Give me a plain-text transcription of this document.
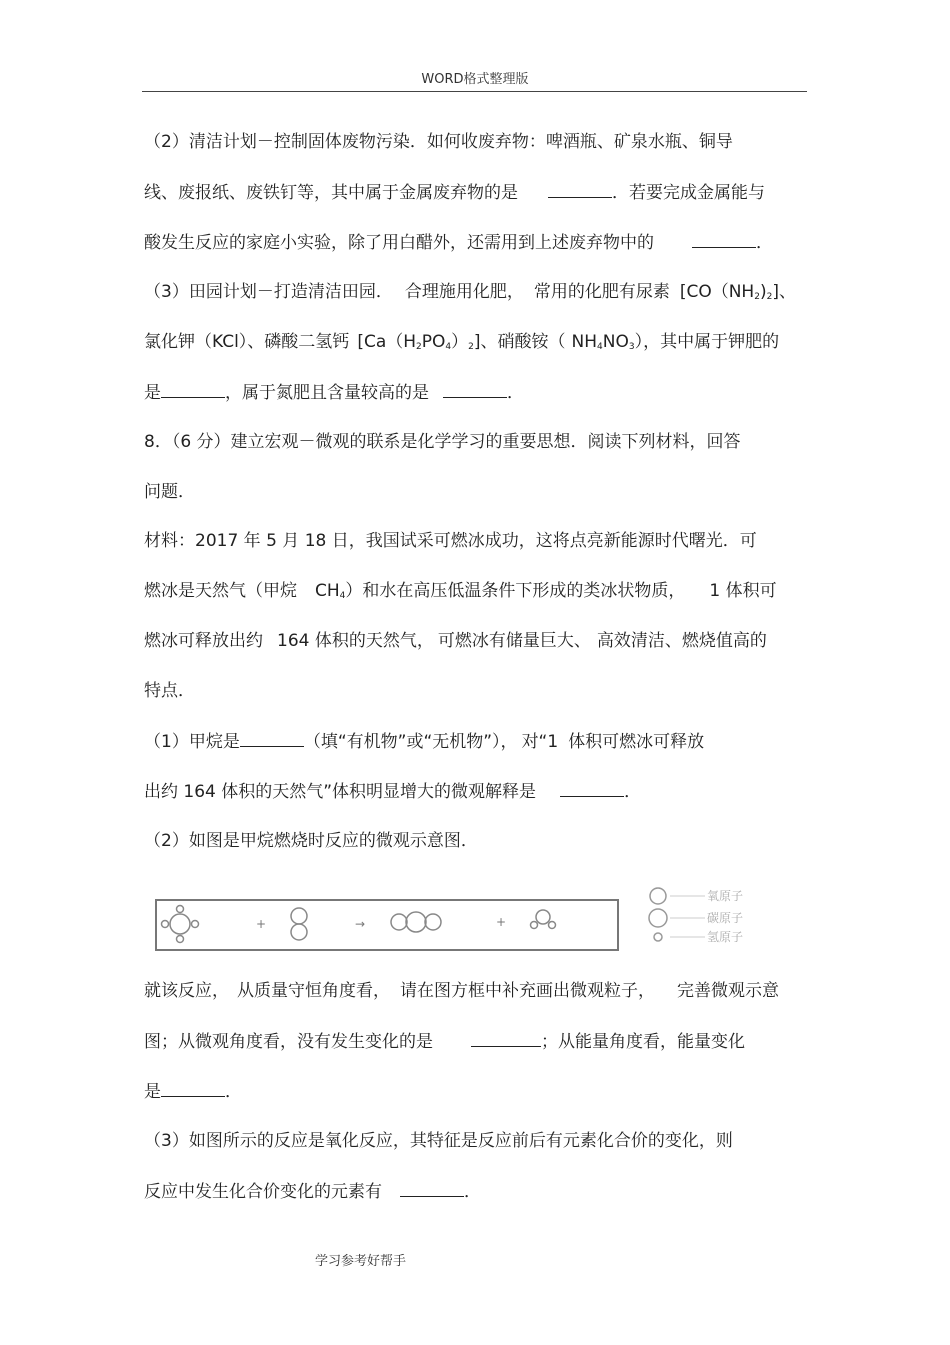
WORD格式整理版
（2）清洁计划－控制固体废物污染．如何收废弃物：啤酒瓶、矿泉水瓶、铜导
线、废报纸、废铁钉等，其中属于金属废弃物的是	．若要完成金属能与
酸发生反应的家庭小实验，除了用白醋外，还需用到上述废弃物中的	．
（3）田园计划－打造清洁田园． 合理施用化肥， 常用的化肥有尿素 $[CO(NH_2)_2]$、
氯化钾（KCl）、磷酸二氢钙 $[Ca(H_2PO_4)_2]$、硝酸铵（ $NH_4NO_3$），其中属于钾肥的
是	，属于氮肥且含量较高的是	．
8．（6 分）建立宏观－微观的联系是化学学习的重要思想．阅读下列材料，回答
问题．
材料：2017 年 5 月 18 日，我国试采可燃冰成功，这将点亮新能源时代曙光．可
燃冰是天然气（甲烷 $CH_4$）和水在高压低温条件下形成的类冰状物质， 1 体积可
燃冰可释放出约 164 体积的天然气， 可燃冰有储量巨大、 高效清洁、燃烧值高的
特点．
（1）甲烷是	（填“有机物”或“无机物”）， 对“1 体积可燃冰可释放
出约 164 体积的天然气”体积明显增大的微观解释是	．
（2）如图是甲烷燃烧时反应的微观示意图．
+	→	+
氧原子
碳原子
氢原子
就该反应， 从质量守恒角度看， 请在图方框中补充画出微观粒子， 完善微观示意
图；从微观角度看，没有发生变化的是	；从能量角度看，能量变化
是	．
（3）如图所示的反应是氧化反应，其特征是反应前后有元素化合价的变化，则
反应中发生化合价变化的元素有	．
学习参考好帮手
